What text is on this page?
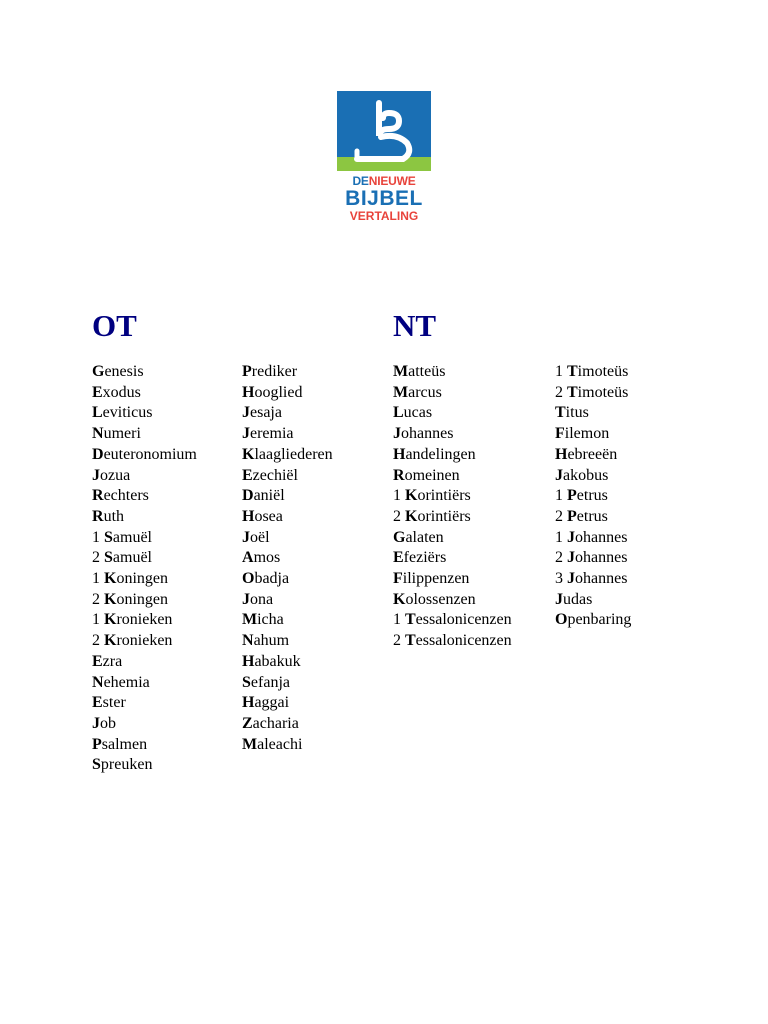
DENIEUWE
BIJBEL
VERTALING
OT	NT
Genesis
Exodus
Leviticus
Numeri
Deuteronomium
Jozua
Rechters
Ruth
1 Samuël
2 Samuël
1 Koningen
2 Koningen
1 Kronieken
2 Kronieken
Ezra
Nehemia
Ester
Job
Psalmen
Spreuken
Prediker
Hooglied
Jesaja
Jeremia
Klaagliederen
Ezechiël
Daniël
Hosea
Joël
Amos
Obadja
Jona
Micha
Nahum
Habakuk
Sefanja
Haggai
Zacharia
Maleachi
Matteüs
Marcus
Lucas
Johannes
Handelingen
Romeinen
1 Korintiërs
2 Korintiërs
Galaten
Efeziërs
Filippenzen
Kolossenzen
1 Tessalonicenzen
2 Tessalonicenzen
1 Timoteüs
2 Timoteüs
Titus
Filemon
Hebreeën
Jakobus
1 Petrus
2 Petrus
1 Johannes
2 Johannes
3 Johannes
Judas
Openbaring
